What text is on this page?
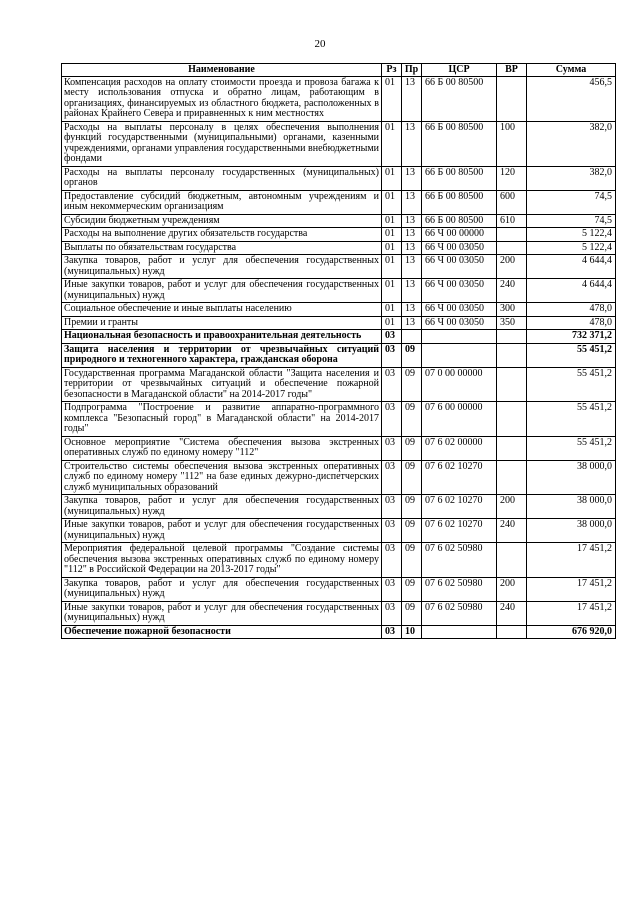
20
Наименование	Рз	Пр	ЦСР	ВР	Сумма
Компенсация расходов на оплату стоимости проезда и провоза багажа к месту использования отпуска и обратно лицам, работающим в организациях, финансируемых из областного бюджета, расположенных в районах Крайнего Севера и приравненных к ним местностях	01	13	66 Б 00 80500		456,5
Расходы на выплаты персоналу в целях обеспечения выполнения функций государственными (муниципальными) органами, казенными учреждениями, органами управления государственными внебюджетными фондами	01	13	66 Б 00 80500	100	382,0
Расходы на выплаты персоналу государственных (муниципальных) органов	01	13	66 Б 00 80500	120	382,0
Предоставление субсидий бюджетным, автономным учреждениям и иным некоммерческим организациям	01	13	66 Б 00 80500	600	74,5
Субсидии бюджетным учреждениям	01	13	66 Б 00 80500	610	74,5
Расходы на выполнение других обязательств государства	01	13	66 Ч 00 00000		5 122,4
Выплаты по обязательствам государства	01	13	66 Ч 00 03050		5 122,4
Закупка товаров, работ и услуг для обеспечения государственных (муниципальных) нужд	01	13	66 Ч 00 03050	200	4 644,4
Иные закупки товаров, работ и услуг для обеспечения государственных (муниципальных) нужд	01	13	66 Ч 00 03050	240	4 644,4
Социальное обеспечение и иные выплаты населению	01	13	66 Ч 00 03050	300	478,0
Премии и гранты	01	13	66 Ч 00 03050	350	478,0
Национальная безопасность и правоохранительная деятельность	03				732 371,2
Защита населения и территории от чрезвычайных ситуаций природного и техногенного характера, гражданская оборона	03	09			55 451,2
Государственная программа Магаданской области "Защита населения и территории от чрезвычайных ситуаций и обеспечение пожарной безопасности в Магаданской области" на 2014-2017 годы"	03	09	07 0 00 00000		55 451,2
Подпрограмма "Построение и развитие аппаратно-программного комплекса "Безопасный город" в Магаданской области" на 2014-2017 годы"	03	09	07 6 00 00000		55 451,2
Основное мероприятие "Система обеспечения вызова экстренных оперативных служб по единому номеру "112"	03	09	07 6 02 00000		55 451,2
Строительство системы обеспечения вызова экстренных оперативных служб по единому номеру "112" на базе единых дежурно-диспетчерских служб муниципальных образований	03	09	07 6 02 10270		38 000,0
Закупка товаров, работ и услуг для обеспечения государственных (муниципальных) нужд	03	09	07 6 02 10270	200	38 000,0
Иные закупки товаров, работ и услуг для обеспечения государственных (муниципальных) нужд	03	09	07 6 02 10270	240	38 000,0
Мероприятия федеральной целевой программы "Создание системы обеспечения вызова экстренных оперативных служб по единому номеру "112" в Российской Федерации на 2013-2017 годы"	03	09	07 6 02 50980		17 451,2
Закупка товаров, работ и услуг для обеспечения государственных (муниципальных) нужд	03	09	07 6 02 50980	200	17 451,2
Иные закупки товаров, работ и услуг для обеспечения государственных (муниципальных) нужд	03	09	07 6 02 50980	240	17 451,2
Обеспечение пожарной безопасности	03	10			676 920,0
